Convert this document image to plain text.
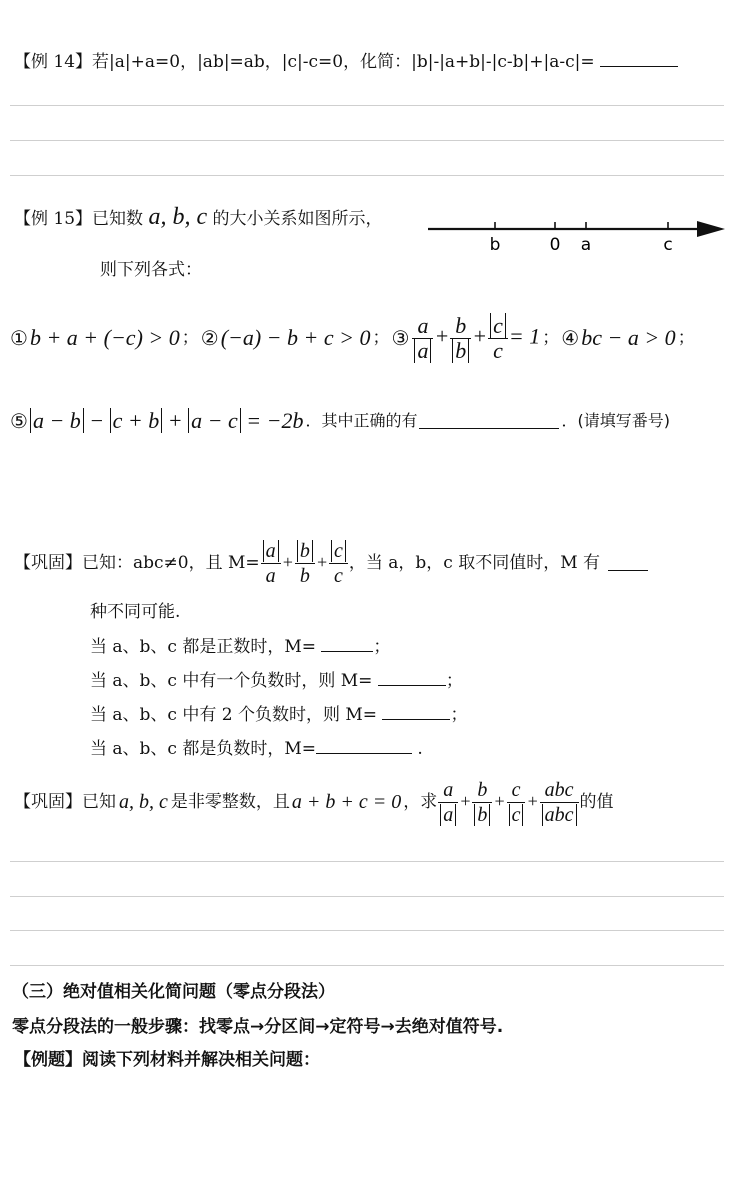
【例 14】若|a|+a=0，|ab|=ab，|c|-c=0，化简：|b|-|a+b|-|c-b|+|a-c|=
【例 15】已知数 a, b, c 的大小关系如图所示，
b	0 a	c
则下列各式：
① b + a + (−c) > 0 ； ② (−a) − b + c > 0 ； ③ $\frac{a}{a} + \frac{b}{b} + \frac{c}{c} = 1$ ； ④ bc − a > 0 ；
⑤ a − b − c + b + a − c = −2b ．其中正确的有	．(请填写番号)
【巩固】 已知：abc≠0，且 $M= \frac{a}{a} + \frac{b}{b} + \frac{c}{c}$ ，当 a，b，c 取不同值时，M 有
种不同可能.
当 a、b、c 都是正数时，M=	；
当 a、b、c 中有一个负数时，则 M=	；
当 a、b、c 中有 2 个负数时，则 M=	；
当 a、b、c 都是负数时，M=	.
【巩固】 已知 a, b, c 是非零整数，且 a + b + c = 0 ，求 $\frac{a}{a} + \frac{b}{b} + \frac{c}{c} + \frac{\text{abc}}{\text{abc}}$ 的值
（三）绝对值相关化简问题（零点分段法）
零点分段法的一般步骤：找零点→分区间→定符号→去绝对值符号.
【例题】阅读下列材料并解决相关问题：
